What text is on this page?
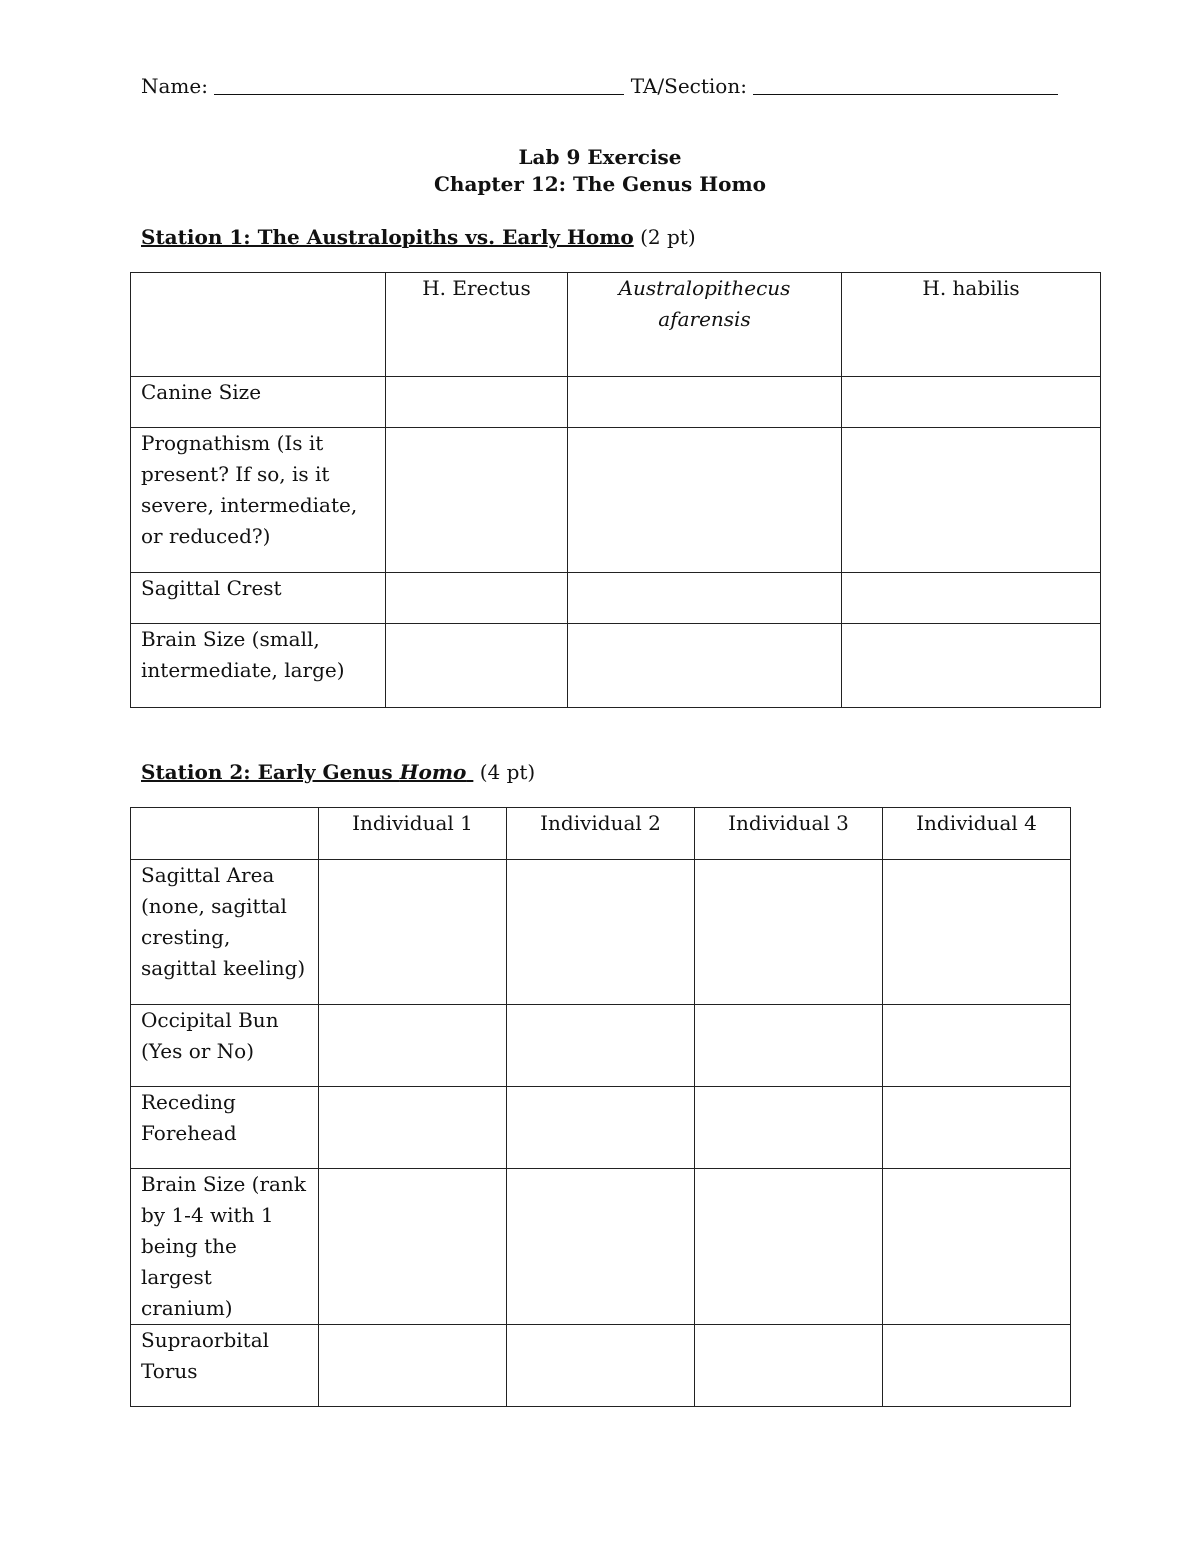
Name:	TA/Section:
Lab 9 Exercise
Chapter 12: The Genus Homo
Station 1: The Australopiths vs. Early Homo (2 pt)
	H. Erectus	Australopithecus afarensis	H. habilis
Canine Size			
Prognathism (Is it present? If so, is it severe, intermediate, or reduced?)			
Sagittal Crest			
Brain Size (small, intermediate, large)			
Station 2: Early Genus Homo  (4 pt)
	Individual 1	Individual 2	Individual 3	Individual 4
Sagittal Area (none, sagittal cresting, sagittal keeling)				
Occipital Bun (Yes or No)				
Receding Forehead				
Brain Size (rank by 1-4 with 1 being the largest cranium)				
Supraorbital Torus				
